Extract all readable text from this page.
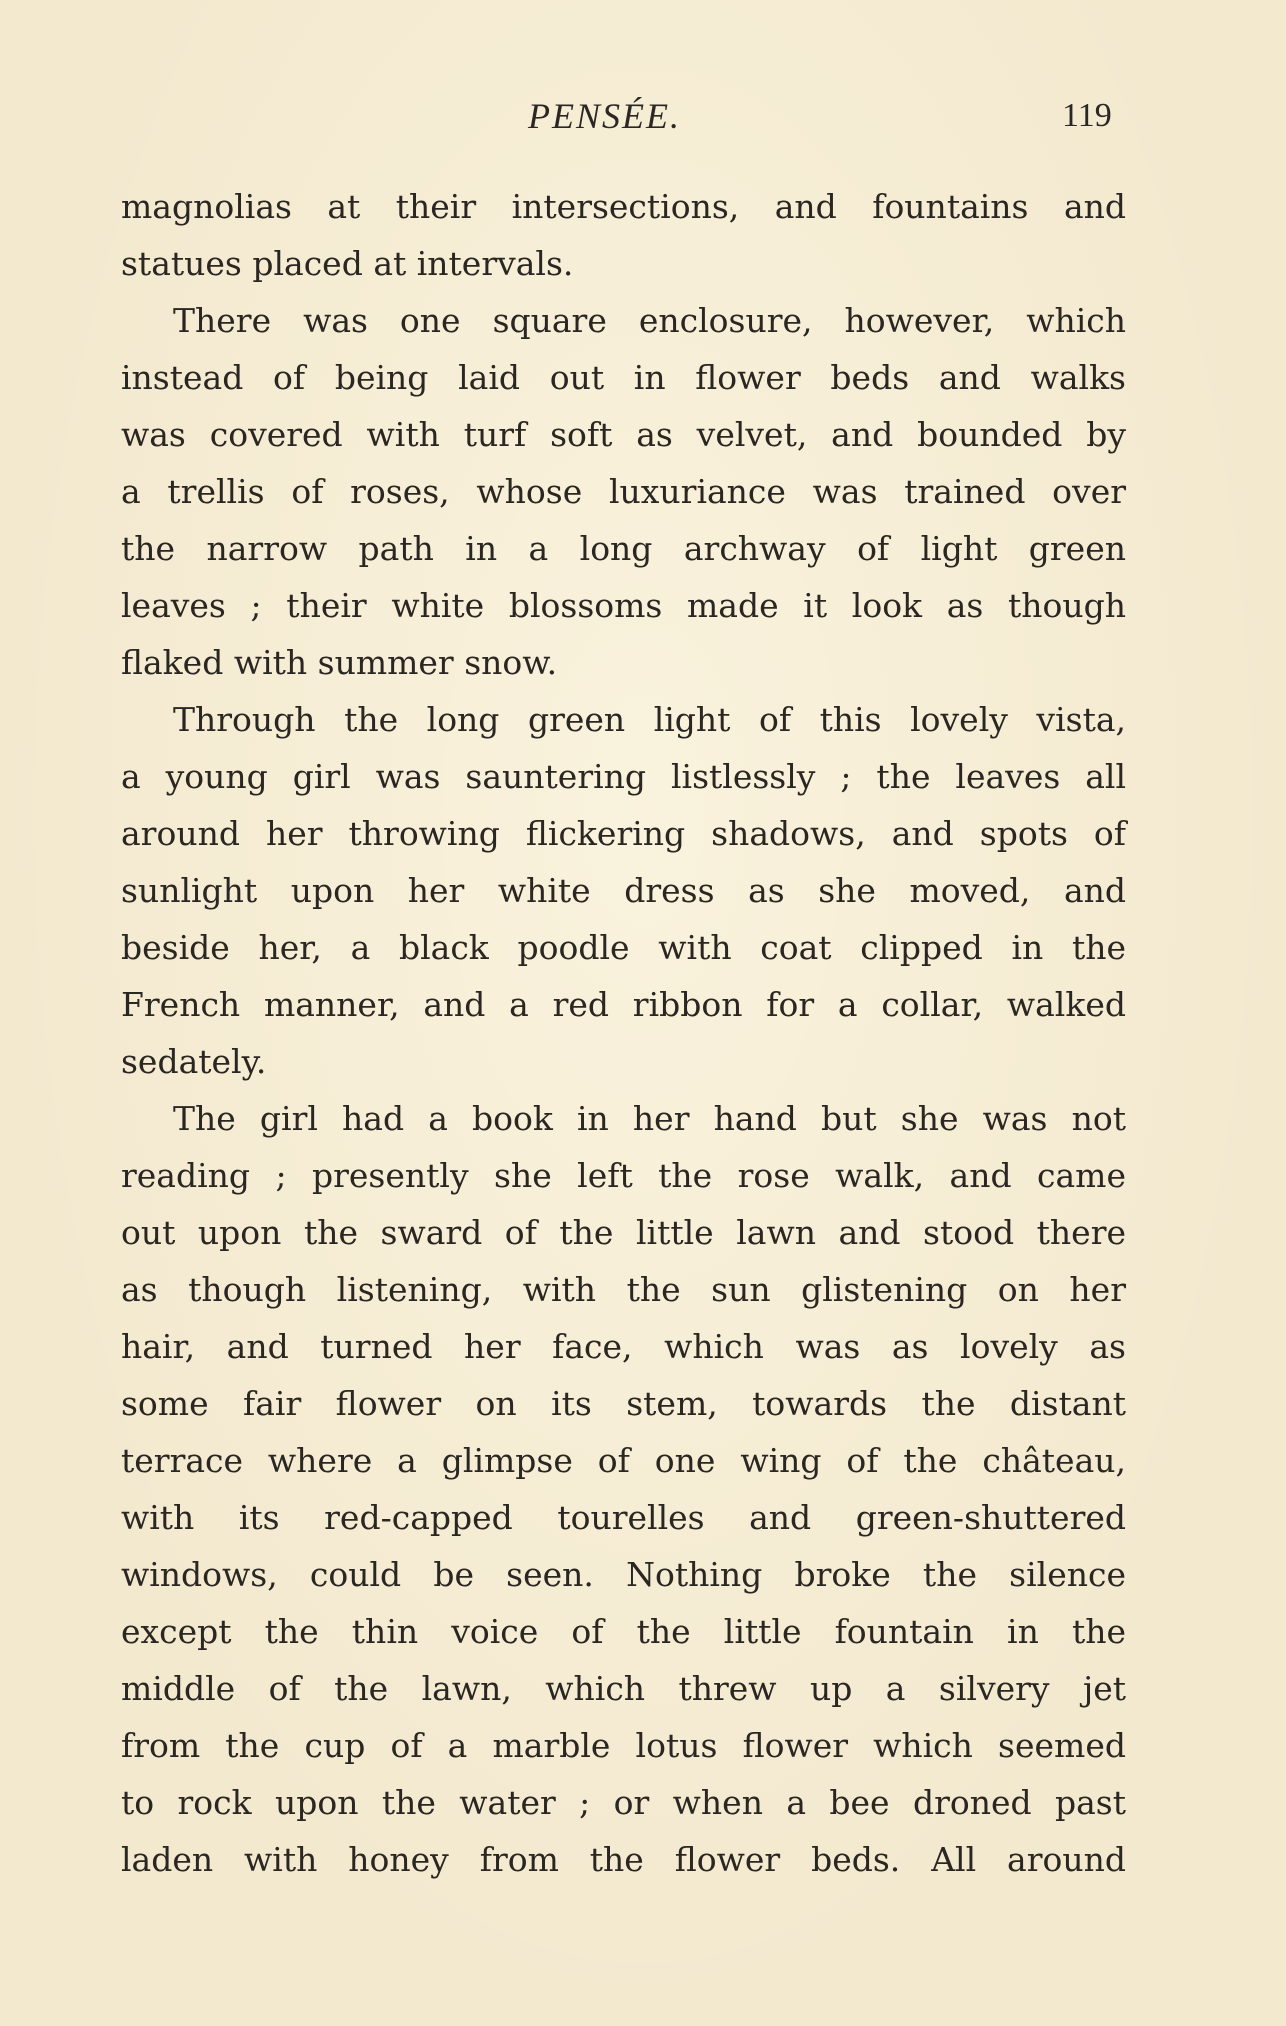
PENSÉE.	119
magnolias at their intersections, and fountains and
statues placed at intervals.
There was one square enclosure, however, which
instead of being laid out in flower beds and walks
was covered with turf soft as velvet, and bounded by
a trellis of roses, whose luxuriance was trained over
the narrow path in a long archway of light green
leaves ; their white blossoms made it look as though
flaked with summer snow.
Through the long green light of this lovely vista,
a young girl was sauntering listlessly ; the leaves all
around her throwing flickering shadows, and spots of
sunlight upon her white dress as she moved, and
beside her, a black poodle with coat clipped in the
French manner, and a red ribbon for a collar, walked
sedately.
The girl had a book in her hand but she was not
reading ; presently she left the rose walk, and came
out upon the sward of the little lawn and stood there
as though listening, with the sun glistening on her
hair, and turned her face, which was as lovely as
some fair flower on its stem, towards the distant
terrace where a glimpse of one wing of the château,
with its red-capped tourelles and green-shuttered
windows, could be seen. Nothing broke the silence
except the thin voice of the little fountain in the
middle of the lawn, which threw up a silvery jet
from the cup of a marble lotus flower which seemed
to rock upon the water ; or when a bee droned past
laden with honey from the flower beds. All around
